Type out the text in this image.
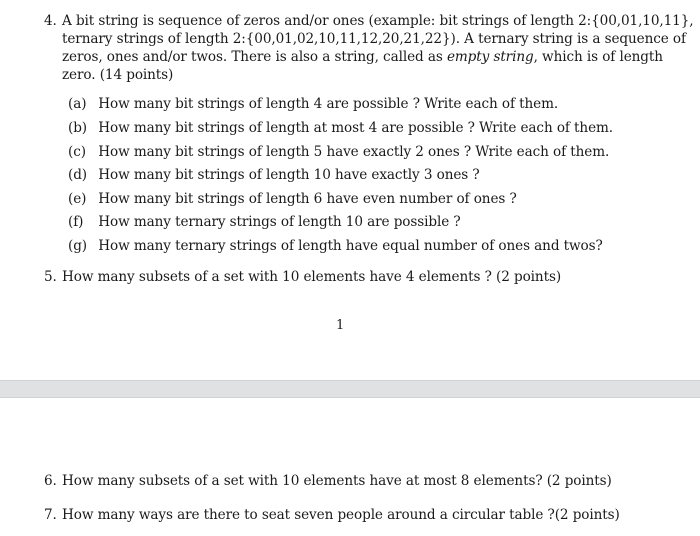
4. A bit string is sequence of zeros and/or ones (example: bit strings of length 2:{00,01,10,11},
ternary strings of length 2:{00,01,02,10,11,12,20,21,22}). A ternary string is a sequence of
zeros, ones and/or twos. There is also a string, called as empty string, which is of length
zero. (14 points)
(a) How many bit strings of length 4 are possible ? Write each of them.
(b) How many bit strings of length at most 4 are possible ? Write each of them.
(c) How many bit strings of length 5 have exactly 2 ones ? Write each of them.
(d) How many bit strings of length 10 have exactly 3 ones ?
(e) How many bit strings of length 6 have even number of ones ?
(f) How many ternary strings of length 10 are possible ?
(g) How many ternary strings of length have equal number of ones and twos?
5. How many subsets of a set with 10 elements have 4 elements ? (2 points)
1
6. How many subsets of a set with 10 elements have at most 8 elements? (2 points)
7. How many ways are there to seat seven people around a circular table ?(2 points)
